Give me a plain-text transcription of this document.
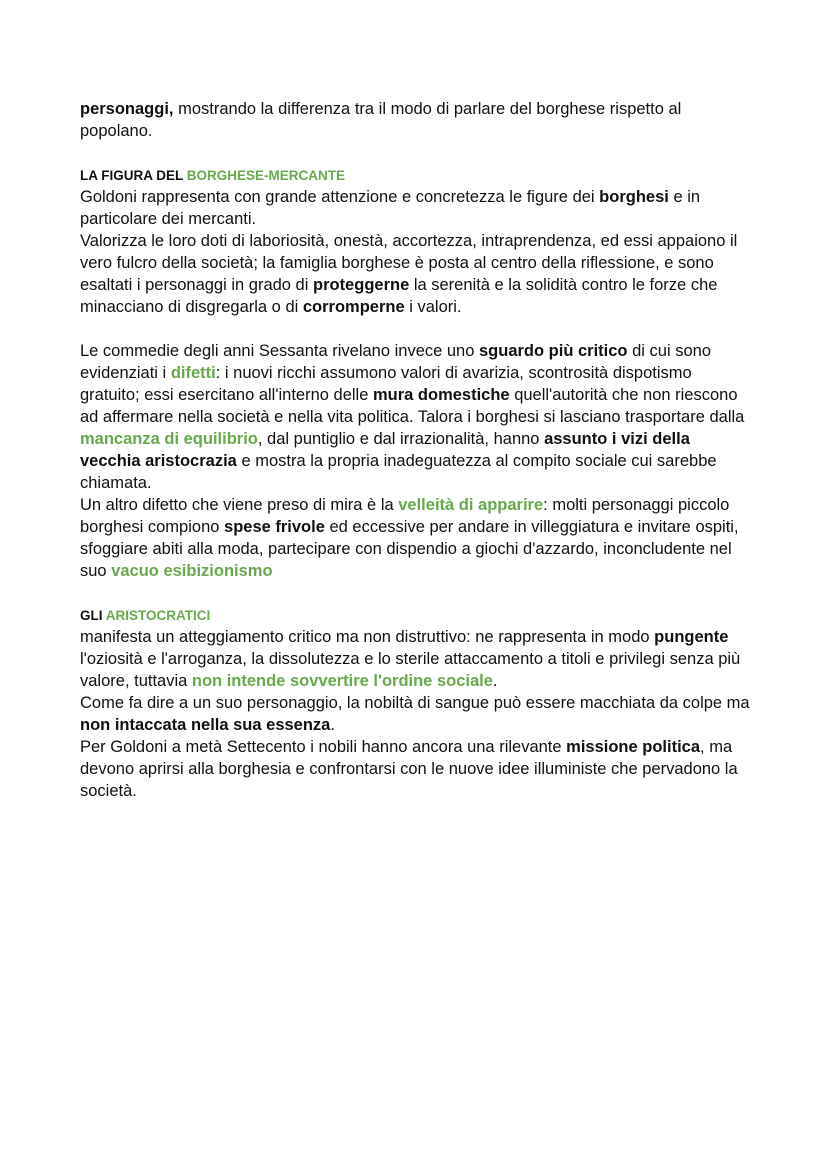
personaggi, mostrando la differenza tra il modo di parlare del borghese rispetto al popolano.

LA FIGURA DEL BORGHESE-MERCANTE

Goldoni rappresenta con grande attenzione e concretezza le figure dei borghesi e in particolare dei mercanti.

Valorizza le loro doti di laboriosità, onestà, accortezza, intraprendenza, ed essi appaiono il vero fulcro della società; la famiglia borghese è posta al centro della riflessione, e sono esaltati i personaggi in grado di proteggerne la serenità e la solidità contro le forze che minacciano di disgregarla o di corromperne i valori.

Le commedie degli anni Sessanta rivelano invece uno sguardo più critico di cui sono evidenziati i difetti: i nuovi ricchi assumono valori di avarizia, scontrosità dispotismo gratuito; essi esercitano all'interno delle mura domestiche quell'autorità che non riescono ad affermare nella società e nella vita politica. Talora i borghesi si lasciano trasportare dalla mancanza di equilibrio, dal puntiglio e dal irrazionalità, hanno assunto i vizi della vecchia aristocrazia e mostra la propria inadeguatezza al compito sociale cui sarebbe chiamata.

Un altro difetto che viene preso di mira è la velleità di apparire: molti personaggi piccolo borghesi compiono spese frivole ed eccessive per andare in villeggiatura e invitare ospiti, sfoggiare abiti alla moda, partecipare con dispendio a giochi d'azzardo, inconcludente nel suo vacuo esibizionismo

GLI ARISTOCRATICI

manifesta un atteggiamento critico ma non distruttivo: ne rappresenta in modo pungente l'oziosità e l'arroganza, la dissolutezza e lo sterile attaccamento a titoli e privilegi senza più valore, tuttavia non intende sovvertire l'ordine sociale.

Come fa dire a un suo personaggio, la nobiltà di sangue può essere macchiata da colpe ma non intaccata nella sua essenza.

Per Goldoni a metà Settecento i nobili hanno ancora una rilevante missione politica, ma devono aprirsi alla borghesia e confrontarsi con le nuove idee illuministe che pervadono la società.
